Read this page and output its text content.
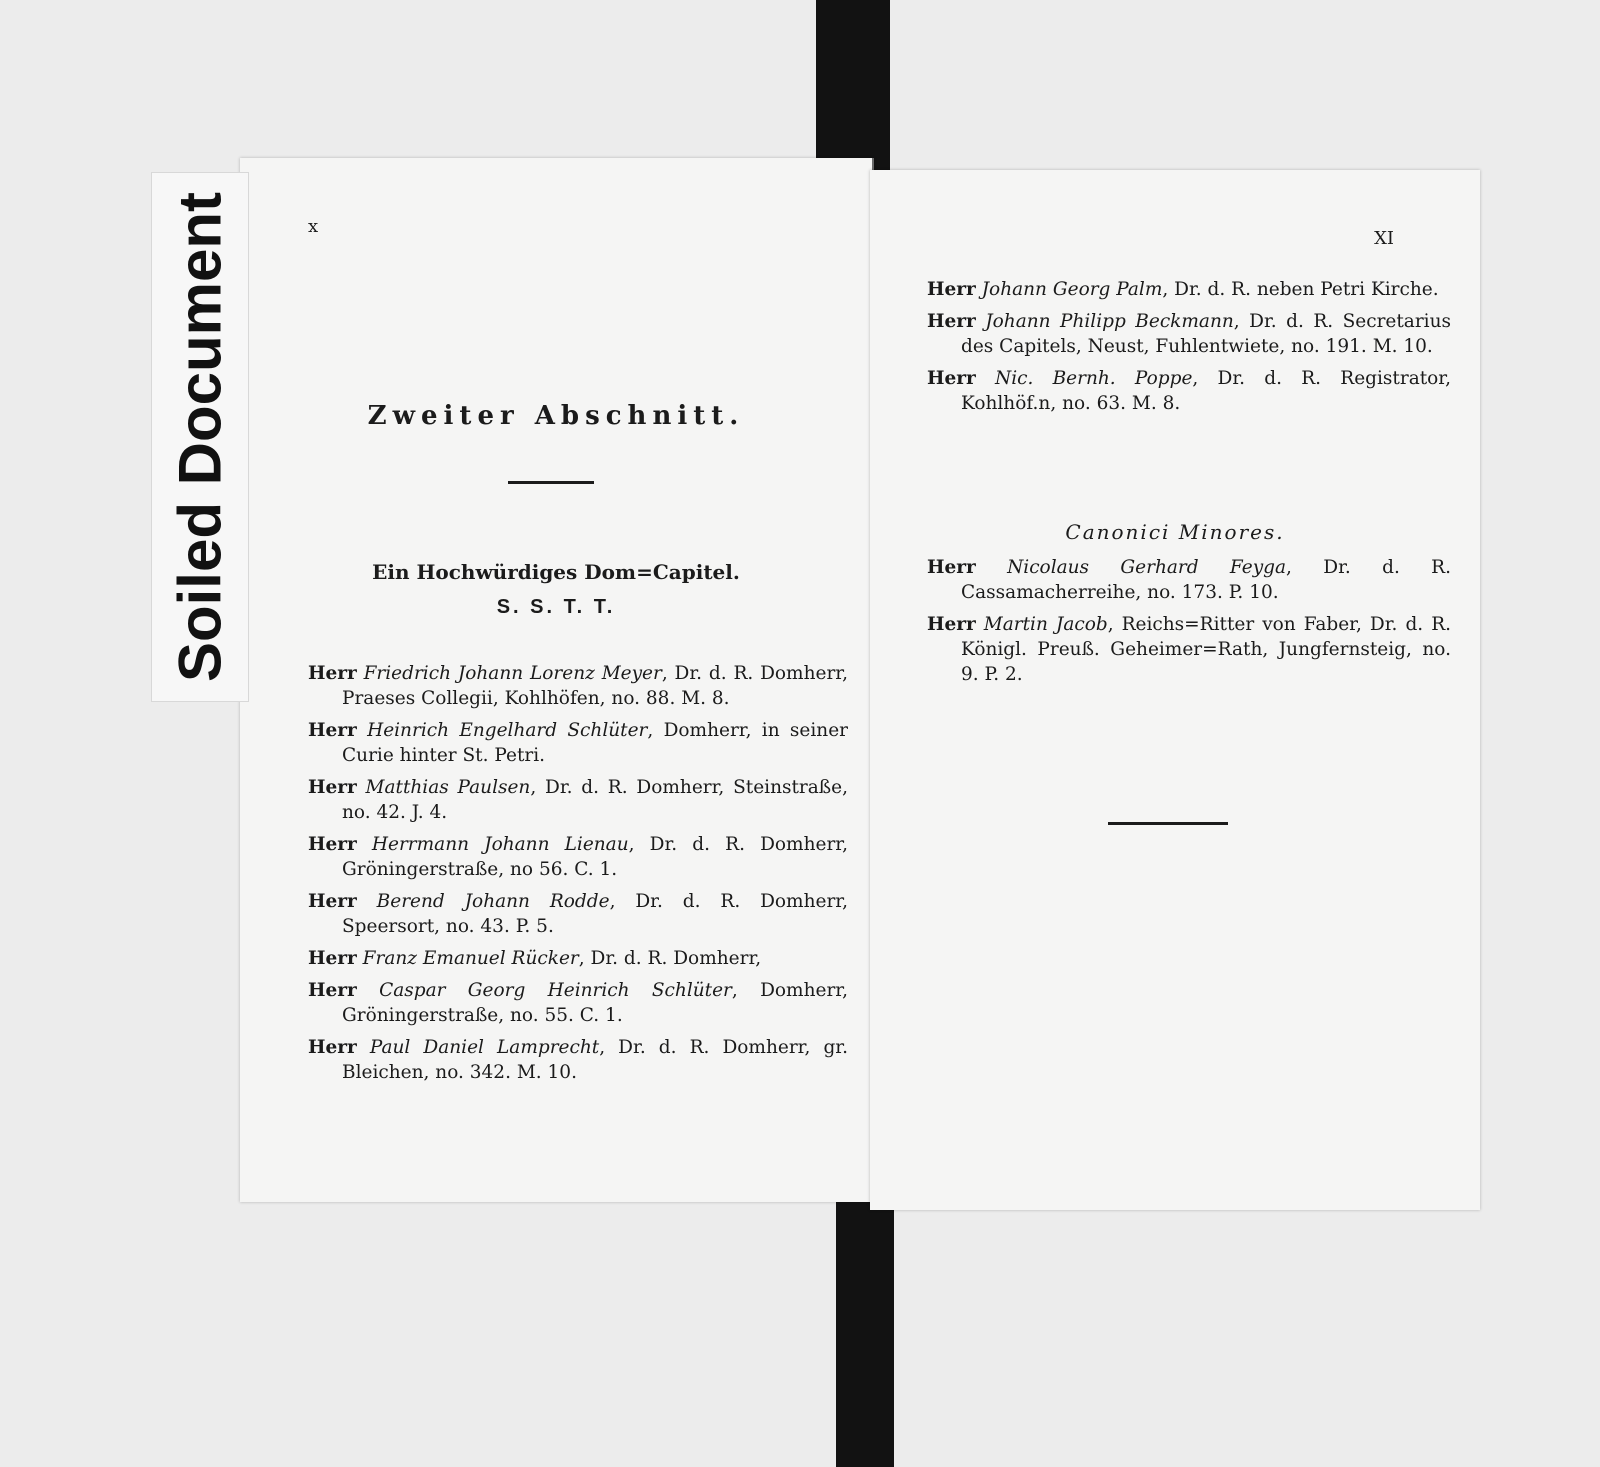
x
Zweiter Abschnitt.
Ein Hochwürdiges Dom=Capitel.
S. S. T. T.
Herr Friedrich Johann Lorenz Meyer, Dr. d. R. Domherr, Praeses Collegii, Kohlhöfen, no. 88. M. 8.
Herr Heinrich Engelhard Schlüter, Domherr, in seiner Curie hinter St. Petri.
Herr Matthias Paulsen, Dr. d. R. Domherr, Steinstraße, no. 42. J. 4.
Herr Herrmann Johann Lienau, Dr. d. R. Domherr, Gröningerstraße, no 56. C. 1.
Herr Berend Johann Rodde, Dr. d. R. Domherr, Speersort, no. 43. P. 5.
Herr Franz Emanuel Rücker, Dr. d. R. Domherr,
Herr Caspar Georg Heinrich Schlüter, Domherr, Gröningerstraße, no. 55. C. 1.
Herr Paul Daniel Lamprecht, Dr. d. R. Domherr, gr. Bleichen, no. 342. M. 10.
XI
Herr Johann Georg Palm, Dr. d. R. neben Petri Kirche.
Herr Johann Philipp Beckmann, Dr. d. R. Secretarius des Capitels, Neust, Fuhlentwiete, no. 191. M. 10.
Herr Nic. Bernh. Poppe, Dr. d. R. Registrator, Kohlhöf.n, no. 63. M. 8.
Canonici Minores.
Herr Nicolaus Gerhard Feyga, Dr. d. R. Cassamacherreihe, no. 173. P. 10.
Herr Martin Jacob, Reichs=Ritter von Faber, Dr. d. R. Königl. Preuß. Geheimer=Rath, Jungfernsteig, no. 9. P. 2.
Soiled Document
